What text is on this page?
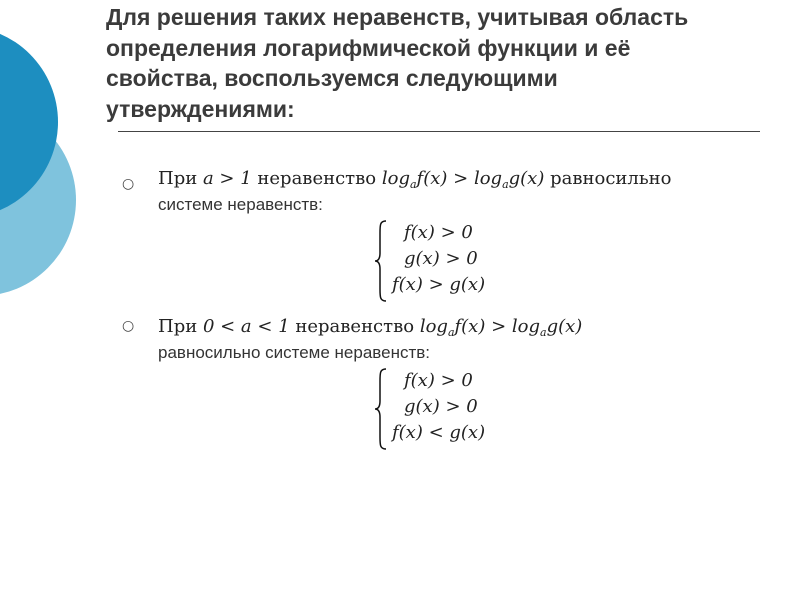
Для решения таких неравенств, учитывая область определения логарифмической функции и её свойства, воспользуемся следующими утверждениями:
○ При a > 1 неравенство $\log_af(x) > \log_ag(x)$ равносильно
системе неравенств:
f(x) > 0
g(x) > 0
f(x) > g(x)
○ При 0 < a < 1 неравенство $\log_af(x) > \log_ag(x)$
равносильно системе неравенств:
f(x) > 0
g(x) > 0
f(x) < g(x)
